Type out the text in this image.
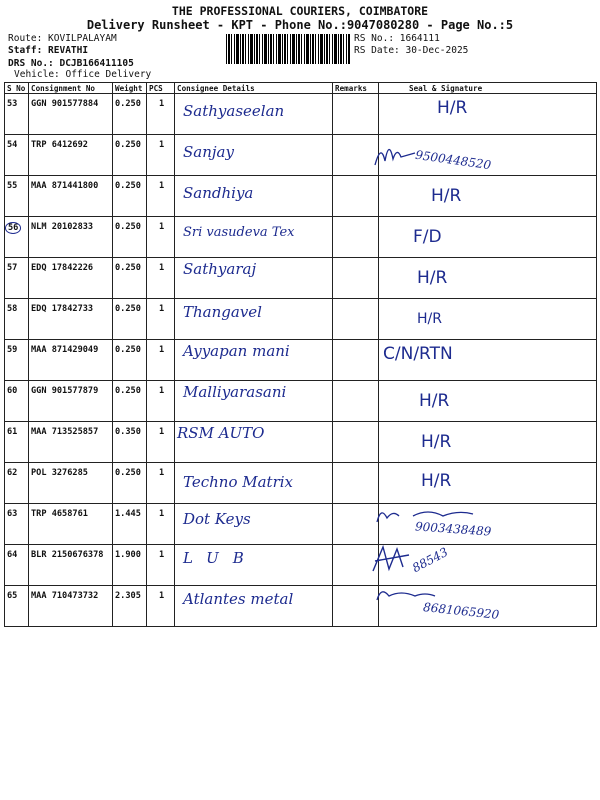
THE PROFESSIONAL COURIERS, COIMBATORE
Delivery Runsheet - KPT - Phone No.:9047080280 - Page No.:5
Route: KOVILPALAYAM
Staff: REVATHI
DRS No.: DCJB166411105
Vehicle: Office Delivery
RS No.: 1664111
RS Date: 30-Dec-2025
S No	Consignment No	Weight	PCS	Consignee Details	Remarks	Seal & Signature
53	GGN 901577884	0.250	1	Sathyaseelan		H/R

54	TRP 6412692	0.250	1	Sanjay		9500448520

55	MAA 871441800	0.250	1	Sandhiya		H/R

56	NLM 20102833	0.250	1	Sri vasudeva Tex		F/D

57	EDQ 17842226	0.250	1	Sathyaraj		H/R

58	EDQ 17842733	0.250	1	Thangavel		H/R

59	MAA 871429049	0.250	1	Ayyapan mani		C/N/RTN

60	GGN 901577879	0.250	1	Malliyarasani		H/R

61	MAA 713525857	0.350	1	RSM AUTO		H/R

62	POL 3276285	0.250	1	Techno Matrix		H/R

63	TRP 4658761	1.445	1	Dot Keys		9003438489

64	BLR 2150676378	1.900	1	LUB		88543

65	MAA 710473732	2.305	1	Atlantes metal		8681065920
